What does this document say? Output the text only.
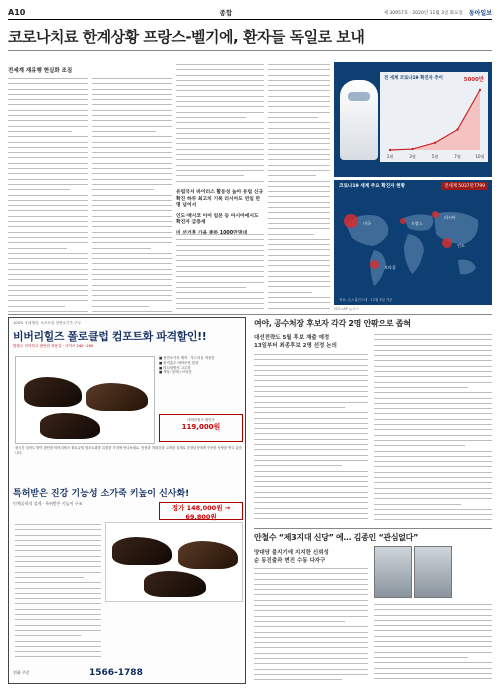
A10	종합	제 30957호 · 2020년 11월 3일 화요일 동아일보
코로나치료 한계상황 프랑스-벨기에, 환자들 독일로 보내
전세계 재유행 현실화 조짐

유럽국서 바이러스 활동성 높아 유럽 신규확진 하루 최고치 기록 러시아도 연일 만명 넘어서

인도·멕시코 이어 일본 등 아시아에서도 확진자 급증세

전 세계 코로나19 확진자 추이	5000만
1월	3월	5월	7월	10월
코로나19 세계 주요 확진자 현황	전세계 5037만7799
미국
인도
브라질
러시아
프랑스
자료: 존스홉킨스대 · 11월 3일 기준
파리=AP 뉴시스
100% 국내생산, 소프트한 천연소가죽 구두
비버리힐즈 폴로클럽 컴포트화 파격할인!!
발볼도 넉넉하고 편안한 착용감 · 사이즈 240~290
■ 천연소가죽 제작 · 부드러운 착용감
■ 충격흡수 에어쿠션 깔창
■ 미끄럼방지 고무창
■ 색상: 블랙 / 브라운
비버리힐즈 할인가
119,000원
장시간 걸어도 발이 편안한 비버리힐즈 폴로클럽 컴포트화를 특별한 가격에 만나보세요. 통풍과 착화감을 고려한 설계로 중장년층에게 꾸준한 사랑을 받고 있습니다.
특허받은 진강 기능성 소가죽 키높이 신사화!
인체공학적 설계 · 특허받은 키높이 구조
정가 148,000원 → 69,800원
전화 주문	1566-1788
여야, 공수처장 후보자 각각 2명 안팎으로 좁혀
대선전략도 5월 후보 재출 예정
13일부터 최종후보 2명 선정 논의
안철수 “제3지대 신당” 에… 김종인 “관심없다”
양대당 불지기에 지지한 신뢰성
순 동진출과 변진 수동 다자구
